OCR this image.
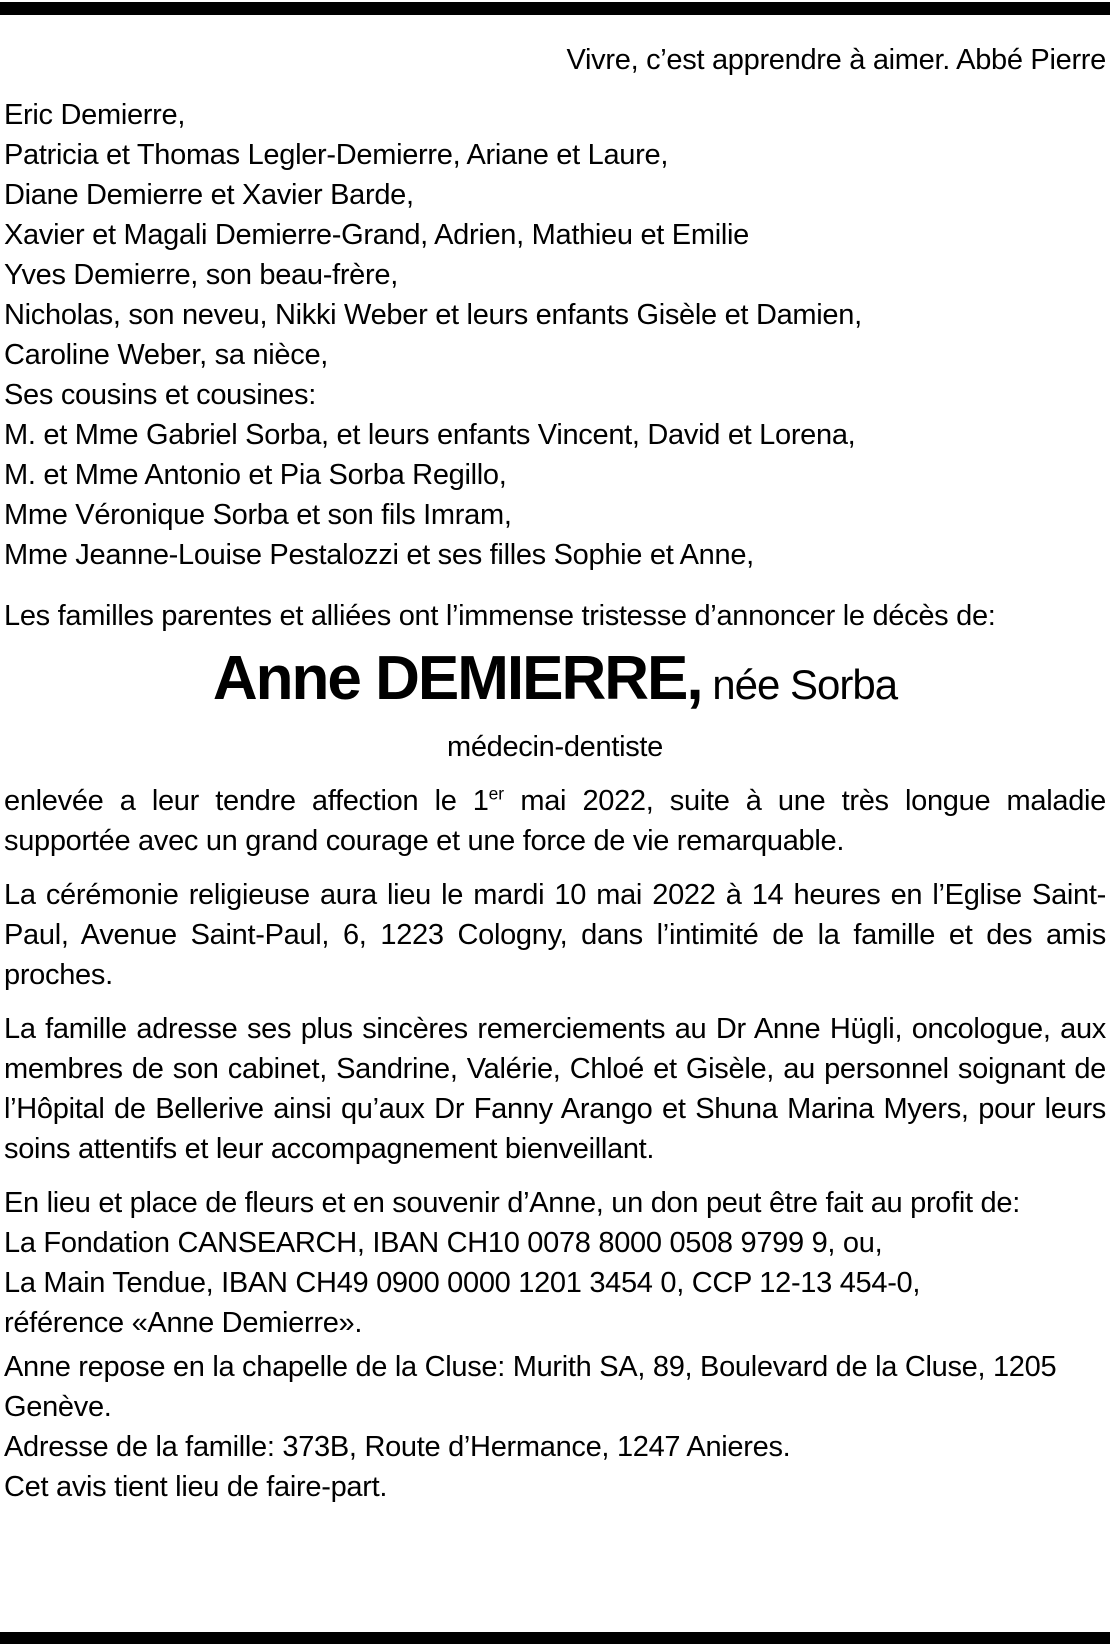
Vivre, c’est apprendre à aimer. Abbé Pierre
Eric Demierre,
Patricia et Thomas Legler-Demierre, Ariane et Laure,
Diane Demierre et Xavier Barde,
Xavier et Magali Demierre-Grand, Adrien, Mathieu et Emilie
Yves Demierre, son beau-frère,
Nicholas, son neveu, Nikki Weber et leurs enfants Gisèle et Damien,
Caroline Weber, sa nièce,
Ses cousins et cousines:
M. et Mme Gabriel Sorba, et leurs enfants Vincent, David et Lorena,
M. et Mme Antonio et Pia Sorba Regillo,
Mme Véronique Sorba et son fils Imram,
Mme Jeanne-Louise Pestalozzi et ses filles Sophie et Anne,
Les familles parentes et alliées ont l’immense tristesse d’annoncer le décès de:
Anne DEMIERRE, née Sorba
médecin-dentiste

enlevée a leur tendre affection le 1er mai 2022, suite à une très longue maladie supportée avec un grand courage et une force de vie remarquable.

La cérémonie religieuse aura lieu le mardi 10 mai 2022 à 14 heures en l’Eglise Saint-Paul, Avenue Saint-Paul, 6, 1223 Cologny, dans l’intimité de la famille et des amis proches.

La famille adresse ses plus sincères remerciements au Dr Anne Hügli, oncologue, aux membres de son cabinet, Sandrine, Valérie, Chloé et Gisèle, au personnel soignant de l’Hôpital de Bellerive ainsi qu’aux Dr Fanny Arango et Shuna Marina Myers, pour leurs soins attentifs et leur accompagnement bienveillant.

En lieu et place de fleurs et en souvenir d’Anne, un don peut être fait au profit de:
La Fondation CANSEARCH, IBAN CH10 0078 8000 0508 9799 9, ou,
La Main Tendue, IBAN CH49 0900 0000 1201 3454 0, CCP 12-13 454-0,
référence «Anne Demierre».
Anne repose en la chapelle de la Cluse: Murith SA, 89, Boulevard de la Cluse, 1205 Genève.
Adresse de la famille: 373B, Route d’Hermance, 1247 Anieres.
Cet avis tient lieu de faire-part.
